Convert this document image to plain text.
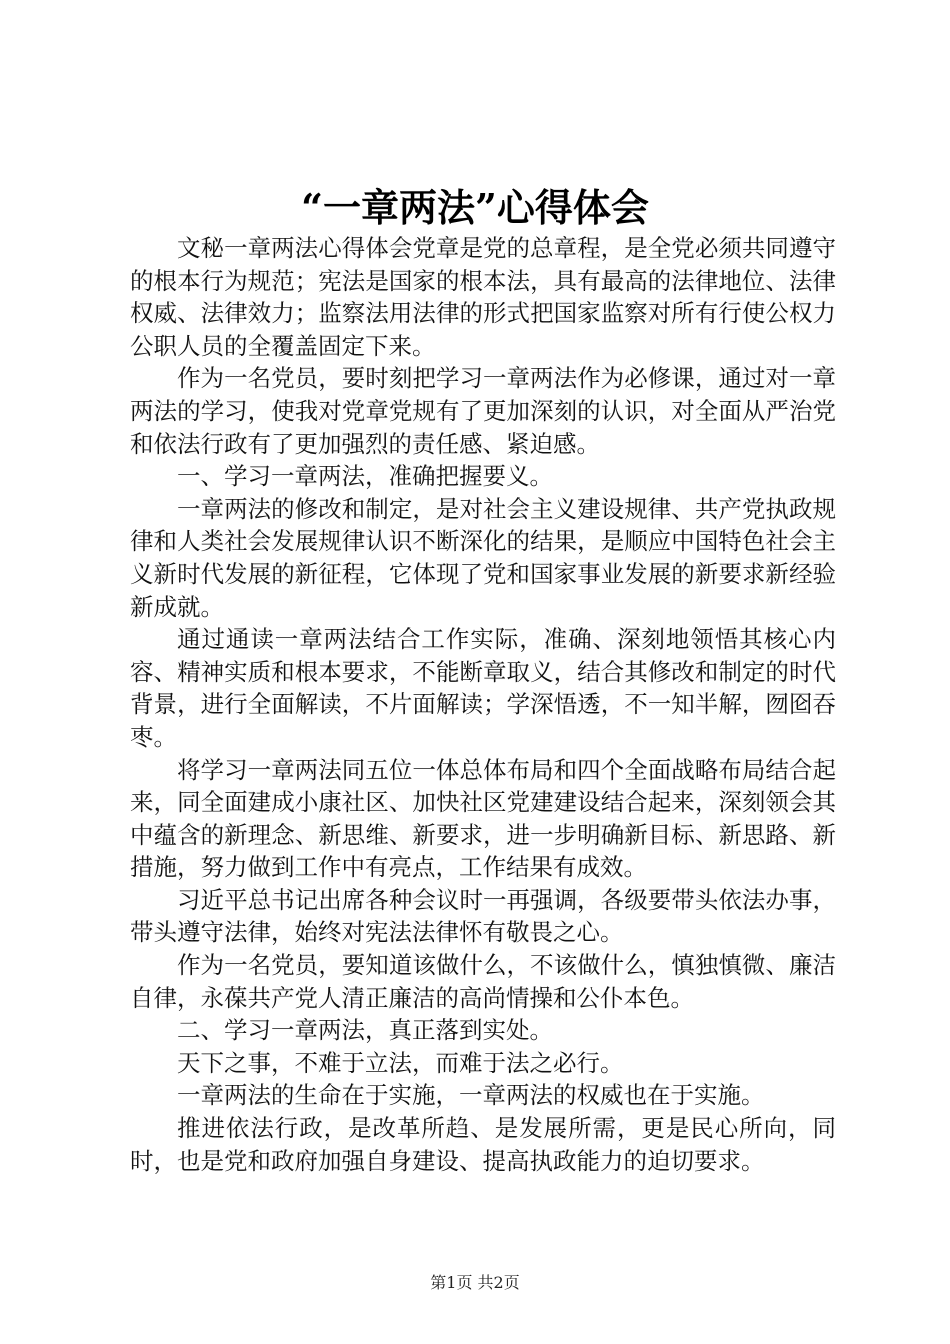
“一章两法”心得体会

文秘一章两法心得体会党章是党的总章程，是全党必须共同遵守的根本行为规范；宪法是国家的根本法，具有最高的法律地位、法律权威、法律效力；监察法用法律的形式把国家监察对所有行使公权力公职人员的全覆盖固定下来。

作为一名党员，要时刻把学习一章两法作为必修课，通过对一章两法的学习，使我对党章党规有了更加深刻的认识，对全面从严治党和依法行政有了更加强烈的责任感、紧迫感。

一、学习一章两法，准确把握要义。

一章两法的修改和制定，是对社会主义建设规律、共产党执政规律和人类社会发展规律认识不断深化的结果，是顺应中国特色社会主义新时代发展的新征程，它体现了党和国家事业发展的新要求新经验新成就。

通过通读一章两法结合工作实际，准确、深刻地领悟其核心内容、精神实质和根本要求，不能断章取义，结合其修改和制定的时代背景，进行全面解读，不片面解读；学深悟透，不一知半解，囫囵吞枣。

将学习一章两法同五位一体总体布局和四个全面战略布局结合起来，同全面建成小康社区、加快社区党建建设结合起来，深刻领会其中蕴含的新理念、新思维、新要求，进一步明确新目标、新思路、新措施，努力做到工作中有亮点，工作结果有成效。

习近平总书记出席各种会议时一再强调，各级要带头依法办事，带头遵守法律，始终对宪法法律怀有敬畏之心。

作为一名党员，要知道该做什么，不该做什么，慎独慎微、廉洁自律，永葆共产党人清正廉洁的高尚情操和公仆本色。

二、学习一章两法，真正落到实处。

天下之事，不难于立法，而难于法之必行。

一章两法的生命在于实施，一章两法的权威也在于实施。

推进依法行政，是改革所趋、是发展所需，更是民心所向，同时，也是党和政府加强自身建设、提高执政能力的迫切要求。

第1页 共2页
